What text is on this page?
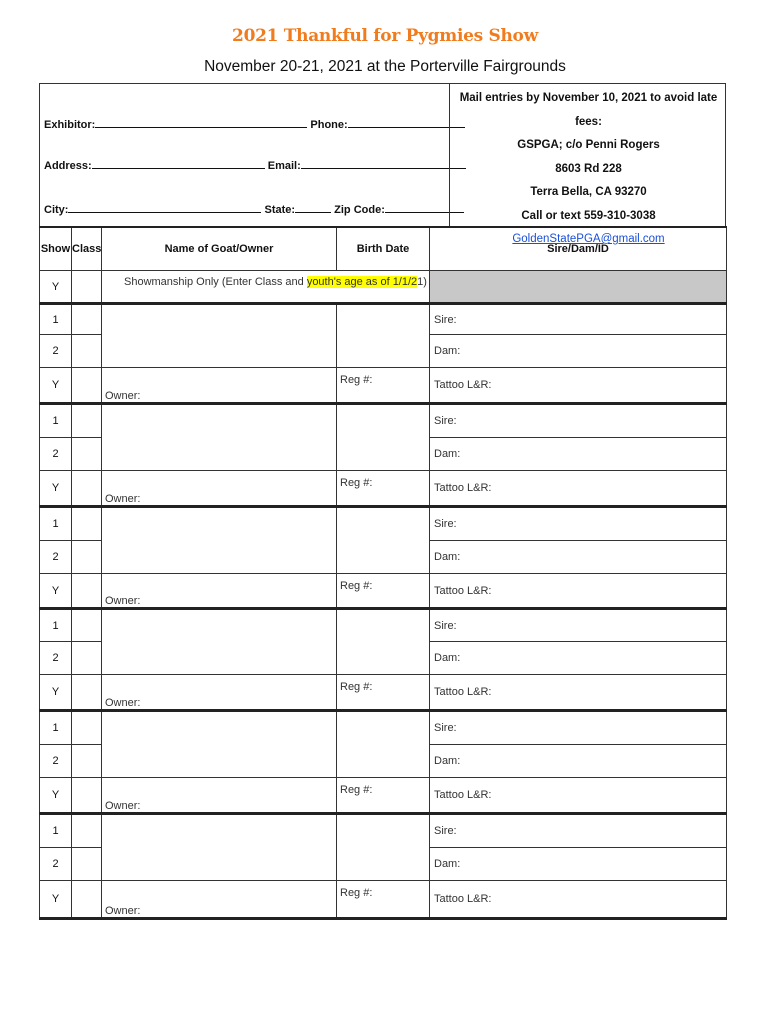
2021 Thankful for Pygmies Show
November 20-21, 2021 at the Porterville Fairgrounds
Exhibitor:	Phone:
Address:	Email:
City:	State:	Zip Code:
Mail entries by November 10, 2021 to avoid late fees:
GSPGA; c/o Penni Rogers
8603 Rd 228
Terra Bella, CA 93270
Call or text 559-310-3038
GoldenStatePGA@gmail.com
Show	Class	Name of Goat/Owner	Birth Date	Sire/Dam/ID
Y		Showmanship Only (Enter Class and youth's age as of 1/1/21)		
1				Sire:
2				Dam:
Y		Owner:	Reg #:	Tattoo L&R:
1				Sire:
2				Dam:
Y		Owner:	Reg #:	Tattoo L&R:
1				Sire:
2				Dam:
Y		Owner:	Reg #:	Tattoo L&R:
1				Sire:
2				Dam:
Y		Owner:	Reg #:	Tattoo L&R:
1				Sire:
2				Dam:
Y		Owner:	Reg #:	Tattoo L&R:
1				Sire:
2				Dam:
Y		Owner:	Reg #:	Tattoo L&R:
